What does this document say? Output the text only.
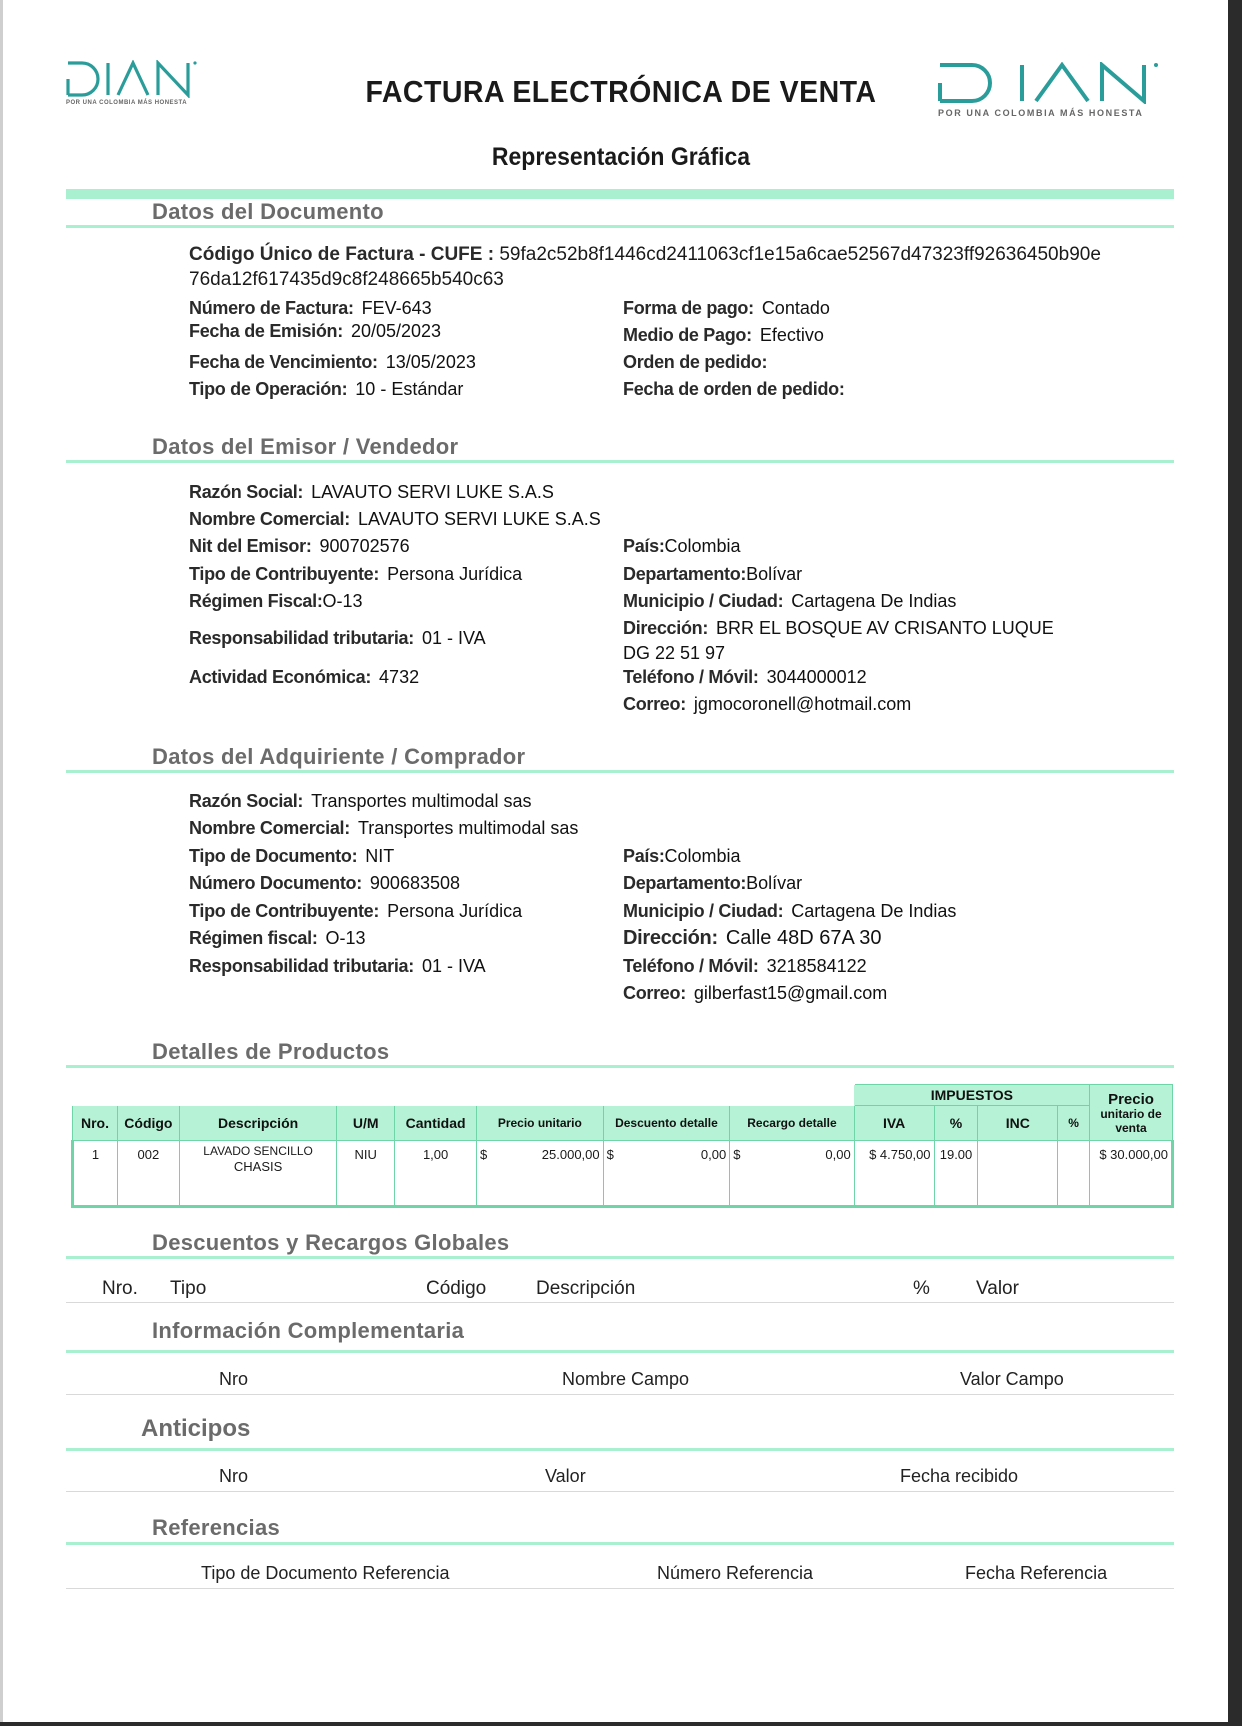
POR UNA COLOMBIA MÁS HONESTA
POR UNA COLOMBIA MÁS HONESTA
FACTURA ELECTRÓNICA DE VENTA
Representación Gráfica
Datos del Documento
Código Único de Factura - CUFE : 59fa2c52b8f1446cd2411063cf1e15a6cae52567d47323ff92636450b90e
76da12f617435d9c8f248665b540c63
Número de Factura: FEV-643
Fecha de Emisión: 20/05/2023
Fecha de Vencimiento: 13/05/2023
Tipo de Operación: 10 - Estándar
Forma de pago: Contado
Medio de Pago: Efectivo
Orden de pedido:
Fecha de orden de pedido:
Datos del Emisor / Vendedor
Razón Social: LAVAUTO SERVI LUKE S.A.S
Nombre Comercial: LAVAUTO SERVI LUKE S.A.S
Nit del Emisor: 900702576
Tipo de Contribuyente: Persona Jurídica
Régimen Fiscal:O-13
Responsabilidad tributaria: 01 - IVA
Actividad Económica: 4732
País:Colombia
Departamento:Bolívar
Municipio / Ciudad: Cartagena De Indias
Dirección: BRR EL BOSQUE AV CRISANTO LUQUE
DG 22 51 97
Teléfono / Móvil: 3044000012
Correo: jgmocoronell@hotmail.com
Datos del Adquiriente / Comprador
Razón Social: Transportes multimodal sas
Nombre Comercial: Transportes multimodal sas
Tipo de Documento: NIT
Número Documento: 900683508
Tipo de Contribuyente: Persona Jurídica
Régimen fiscal: O-13
Responsabilidad tributaria: 01 - IVA
País:Colombia
Departamento:Bolívar
Municipio / Ciudad: Cartagena De Indias
Dirección: Calle 48D 67A 30
Teléfono / Móvil: 3218584122
Correo: gilberfast15@gmail.com
Detalles de Productos
								IMPUESTOS				Precio
unitario de
venta
Nro.	Código	Descripción	U/M	Cantidad	Precio unitario	Descuento detalle	Recargo detalle	IVA	%	INC	%	
1	002	LAVADO SENCILLO
CHASIS	NIU	1,00	$ 25.000,00	$ 0,00	$ 0,00	$ 4.750,00	19.00			$ 30.000,00
Descuentos y Recargos Globales
Nro. Tipo	Código	Descripción	% Valor
Información Complementaria
Nro	Nombre Campo	Valor Campo
Anticipos
Nro	Valor	Fecha recibido
Referencias
Tipo de Documento Referencia	Número Referencia	Fecha Referencia
